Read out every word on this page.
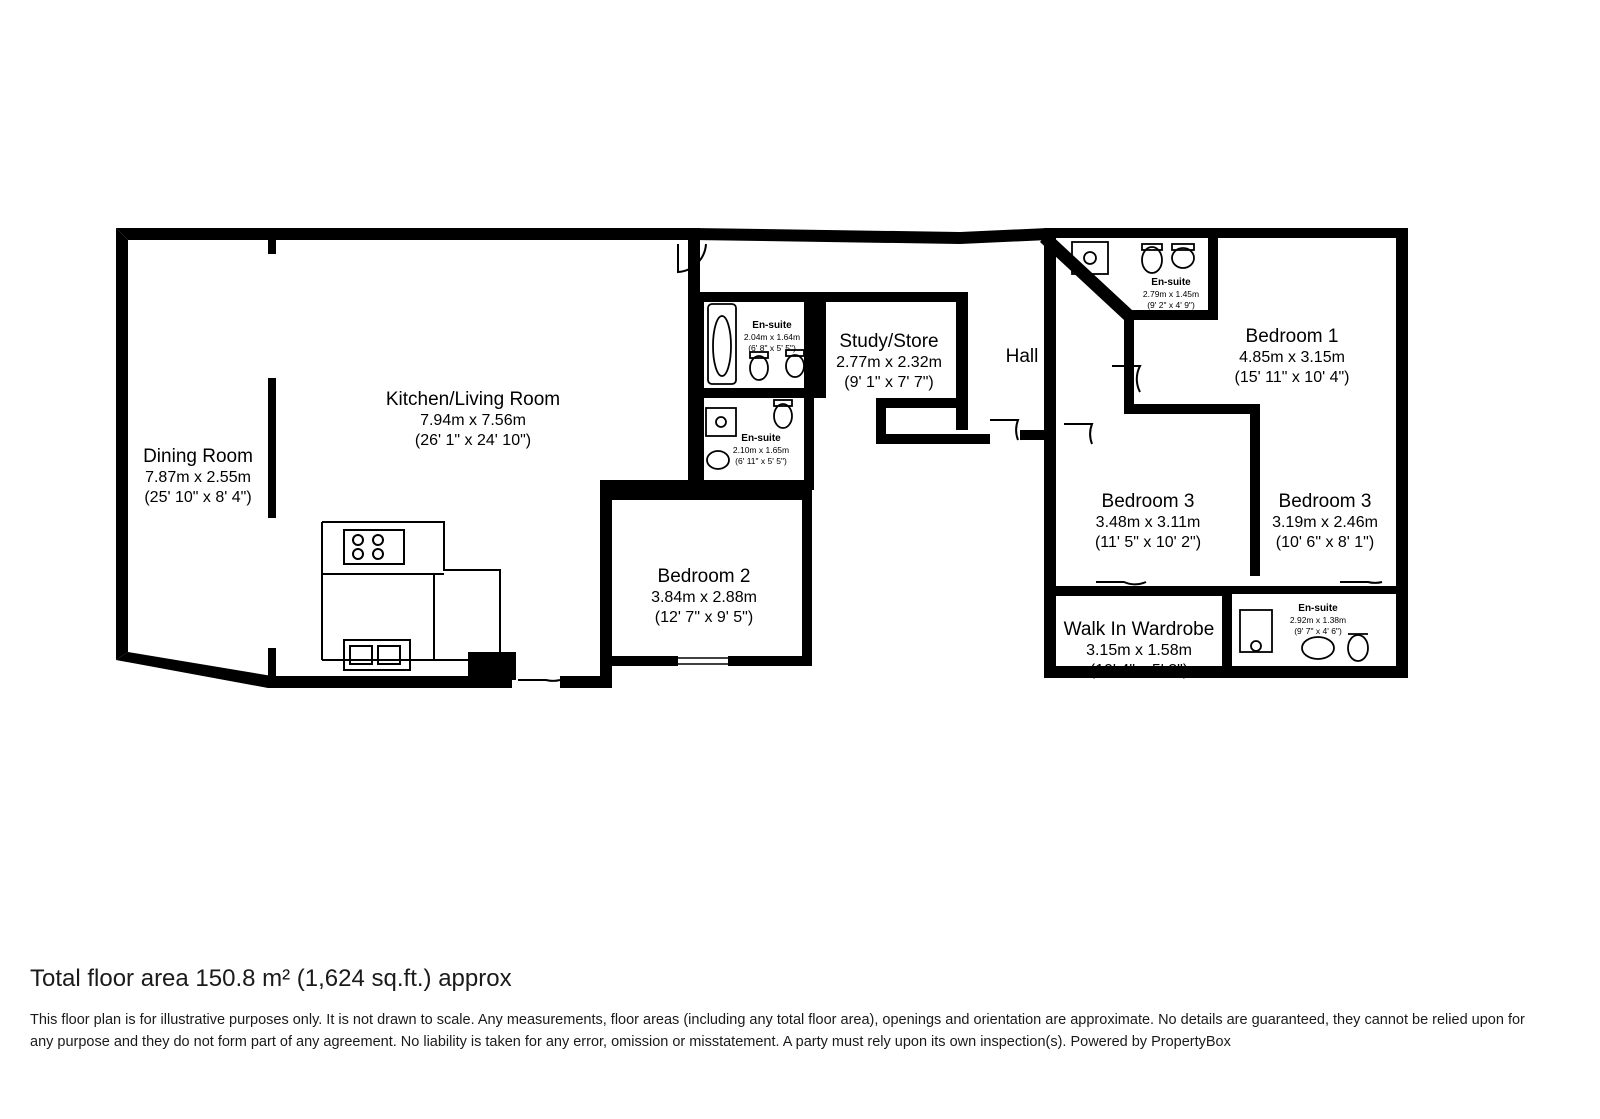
Kitchen/Living Room
7.94m x 7.56m
(26' 1" x 24' 10")
Dining Room
7.87m x 2.55m
(25' 10" x 8' 4")
Study/Store
2.77m x 2.32m
(9' 1" x 7' 7")
Hall
Bedroom 1
4.85m x 3.15m
(15' 11" x 10' 4")
Bedroom 2
3.84m x 2.88m
(12' 7" x 9' 5")
Bedroom 3
3.48m x 3.11m
(11' 5" x 10' 2")
Bedroom 3
3.19m x 2.46m
(10' 6" x 8' 1")
Walk In Wardrobe
3.15m x 1.58m
(10' 4" x 5' 2")
En-suite
2.04m x 1.64m
(6' 8" x 5' 5")
En-suite
2.10m x 1.65m
(6' 11" x 5' 5")
En-suite
2.79m x 1.45m
(9' 2" x 4' 9")
En-suite
2.92m x 1.38m
(9' 7" x 4' 6")
Total floor area 150.8 m² (1,624 sq.ft.) approx
This floor plan is for illustrative purposes only. It is not drawn to scale. Any measurements, floor areas (including any total floor area), openings and orientation are approximate. No details are guaranteed, they cannot be relied upon for any purpose and they do not form part of any agreement. No liability is taken for any error, omission or misstatement. A party must rely upon its own inspection(s). Powered by PropertyBox
